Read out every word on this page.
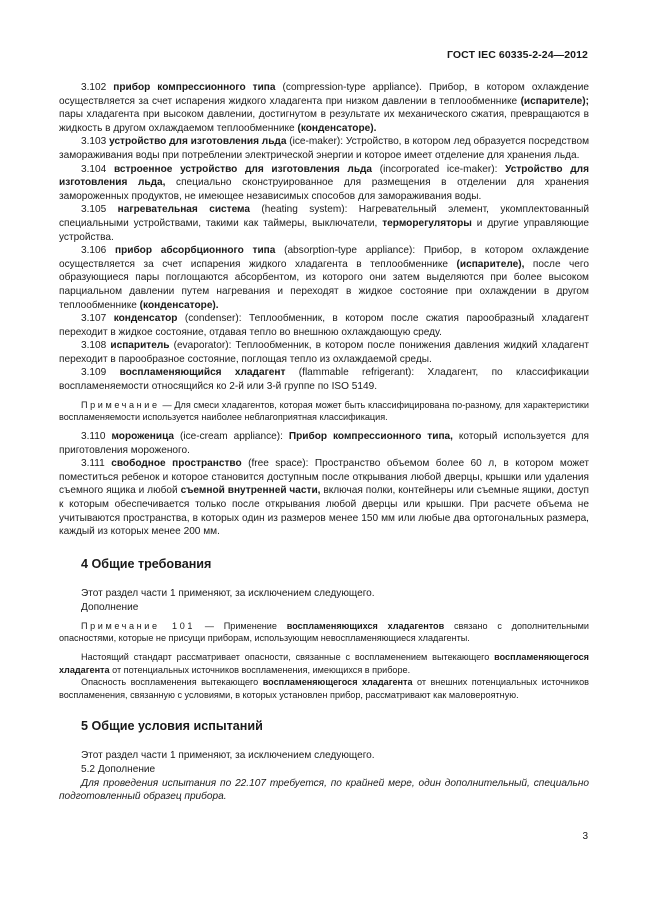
ГОСТ IEC 60335-2-24—2012

3.102 прибор компрессионного типа (compression-type appliance). Прибор, в котором охлаждение осуществляется за счет испарения жидкого хладагента при низком давлении в теплообменнике (испарителе); пары хладагента при высоком давлении, достигнутом в результате их механического сжатия, превращаются в жидкость в другом охлаждаемом теплообменнике (конденсаторе).

3.103 устройство для изготовления льда (ice-maker): Устройство, в котором лед образуется посредством замораживания воды при потреблении электрической энергии и которое имеет отделение для хранения льда.

3.104 встроенное устройство для изготовления льда (incorporated ice-maker): Устройство для изготовления льда, специально сконструированное для размещения в отделении для хранения замороженных продуктов, не имеющее независимых способов для замораживания воды.

3.105 нагревательная система (heating system): Нагревательный элемент, укомплектованный специальными устройствами, такими как таймеры, выключатели, терморегуляторы и другие управляющие устройства.

3.106 прибор абсорбционного типа (absorption-type appliance): Прибор, в котором охлаждение осуществляется за счет испарения жидкого хладагента в теплообменнике (испарителе), после чего образующиеся пары поглощаются абсорбентом, из которого они затем выделяются при более высоком парциальном давлении путем нагревания и переходят в жидкое состояние при охлаждении в другом теплообменнике (конденсаторе).

3.107 конденсатор (condenser): Теплообменник, в котором после сжатия парообразный хладагент переходит в жидкое состояние, отдавая тепло во внешнюю охлаждающую среду.

3.108 испаритель (evaporator): Теплообменник, в котором после понижения давления жидкий хладагент переходит в парообразное состояние, поглощая тепло из охлаждаемой среды.

3.109 воспламеняющийся хладагент (flammable refrigerant): Хладагент, по классификации воспламеняемости относящийся ко 2-й или 3-й группе по ISO 5149.

Примечание — Для смеси хладагентов, которая может быть классифицирована по-разному, для характеристики воспламеняемости используется наиболее неблагоприятная классификация.

3.110 мороженица (ice-cream appliance): Прибор компрессионного типа, который используется для приготовления мороженого.

3.111 свободное пространство (free space): Пространство объемом более 60 л, в котором может поместиться ребенок и которое становится доступным после открывания любой дверцы, крышки или удаления съемного ящика и любой съемной внутренней части, включая полки, контейнеры или съемные ящики, доступ к которым обеспечивается только после открывания любой дверцы или крышки. При расчете объема не учитываются пространства, в которых один из размеров менее 150 мм или любые два ортогональных размера, каждый из которых менее 200 мм.

4 Общие требования

Этот раздел части 1 применяют, за исключением следующего.

Дополнение

Примечание 101 — Применение воспламеняющихся хладагентов связано с дополнительными опасностями, которые не присущи приборам, использующим невоспламеняющиеся хладагенты.

Настоящий стандарт рассматривает опасности, связанные с воспламенением вытекающего воспламеняющегося хладагента от потенциальных источников воспламенения, имеющихся в приборе.

Опасность воспламенения вытекающего воспламеняющегося хладагента от внешних потенциальных источников воспламенения, связанную с условиями, в которых установлен прибор, рассматривают как маловероятную.

5 Общие условия испытаний

Этот раздел части 1 применяют, за исключением следующего.

5.2 Дополнение

Для проведения испытания по 22.107 требуется, по крайней мере, один дополнительный, специально подготовленный образец прибора.

3
